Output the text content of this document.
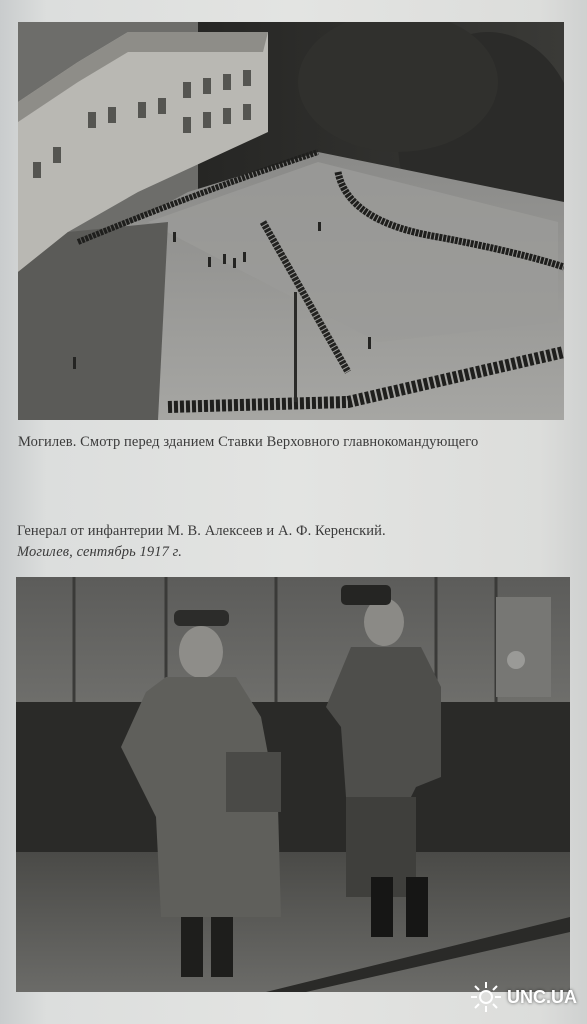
Могилев. Смотр перед зданием Ставки Верховного главнокомандующего
Генерал от инфантерии М. В. Алексеев и А. Ф. Керенский.
Могилев, сентябрь 1917 г.
UNC.UA
